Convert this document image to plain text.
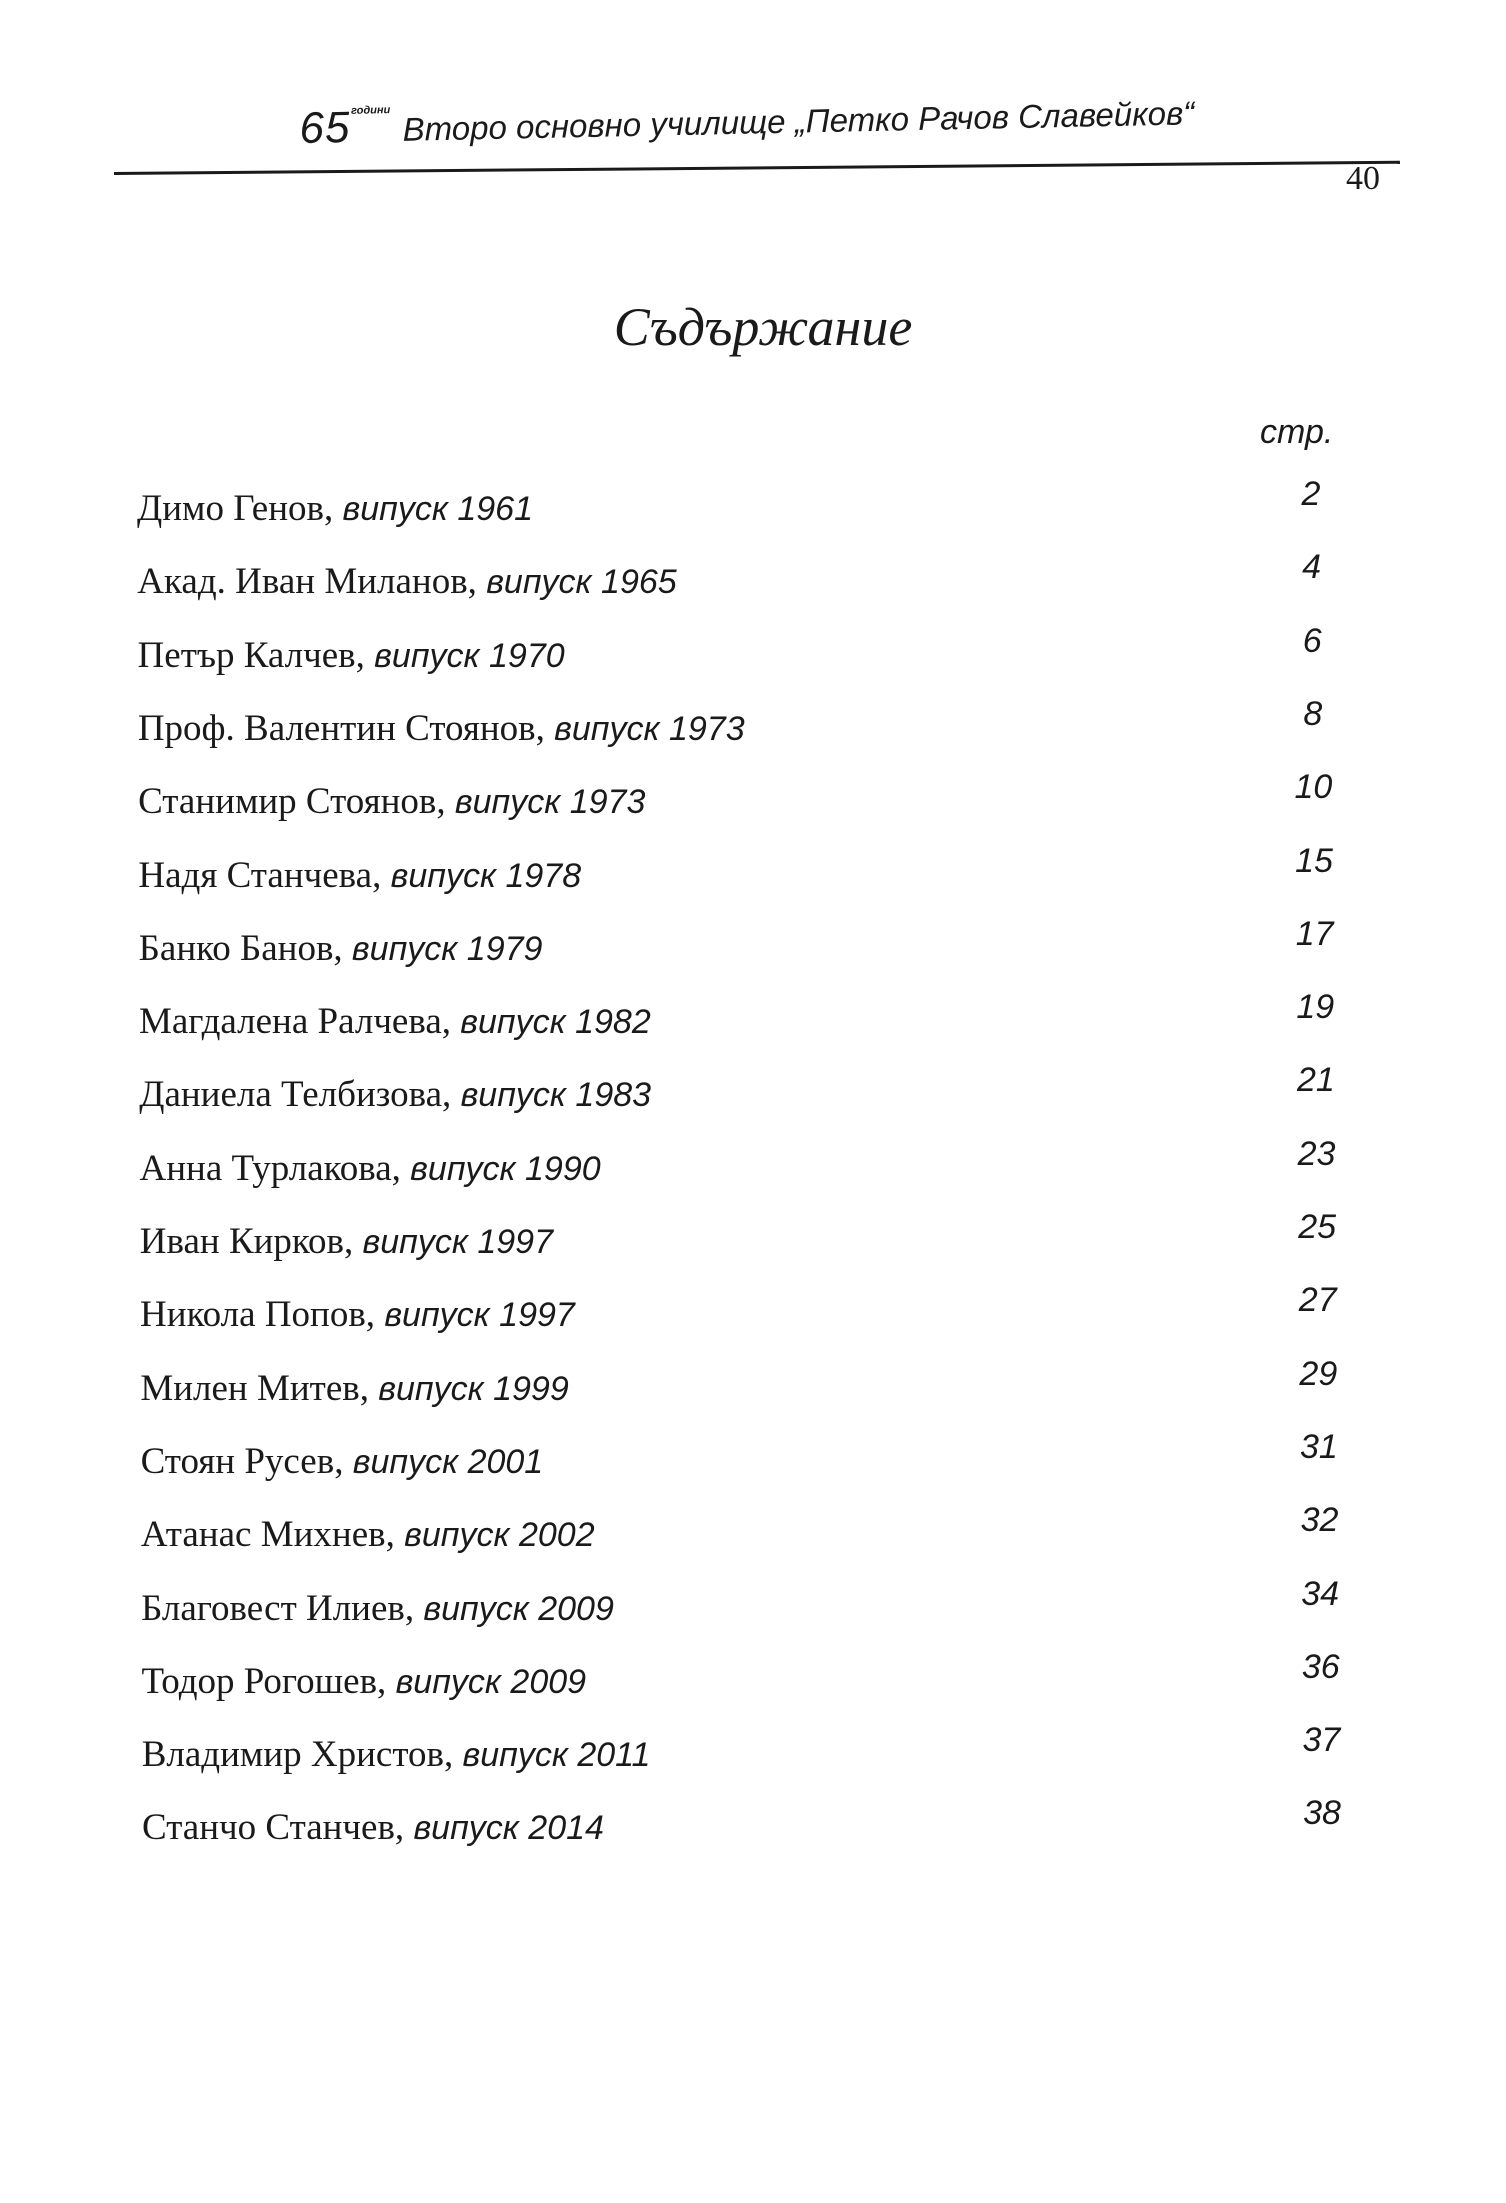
$65^{години}$ Второ основно училище „Петко Рачов Славейков“
40
Съдържание
стр.
Димо Генов, випуск 1961	2
Акад. Иван Миланов, випуск 1965	4
Петър Калчев, випуск 1970	6
Проф. Валентин Стоянов, випуск 1973	8
Станимир Стоянов, випуск 1973	10
Надя Станчева, випуск 1978	15
Банко Банов, випуск 1979	17
Магдалена Ралчева, випуск 1982	19
Даниела Телбизова, випуск 1983	21
Анна Турлакова, випуск 1990	23
Иван Кирков, випуск 1997	25
Никола Попов, випуск 1997	27
Милен Митев, випуск 1999	29
Стоян Русев, випуск 2001	31
Атанас Михнев, випуск 2002	32
Благовест Илиев, випуск 2009	34
Тодор Рогошев, випуск 2009	36
Владимир Христов, випуск 2011	37
Станчо Станчев, випуск 2014	38
